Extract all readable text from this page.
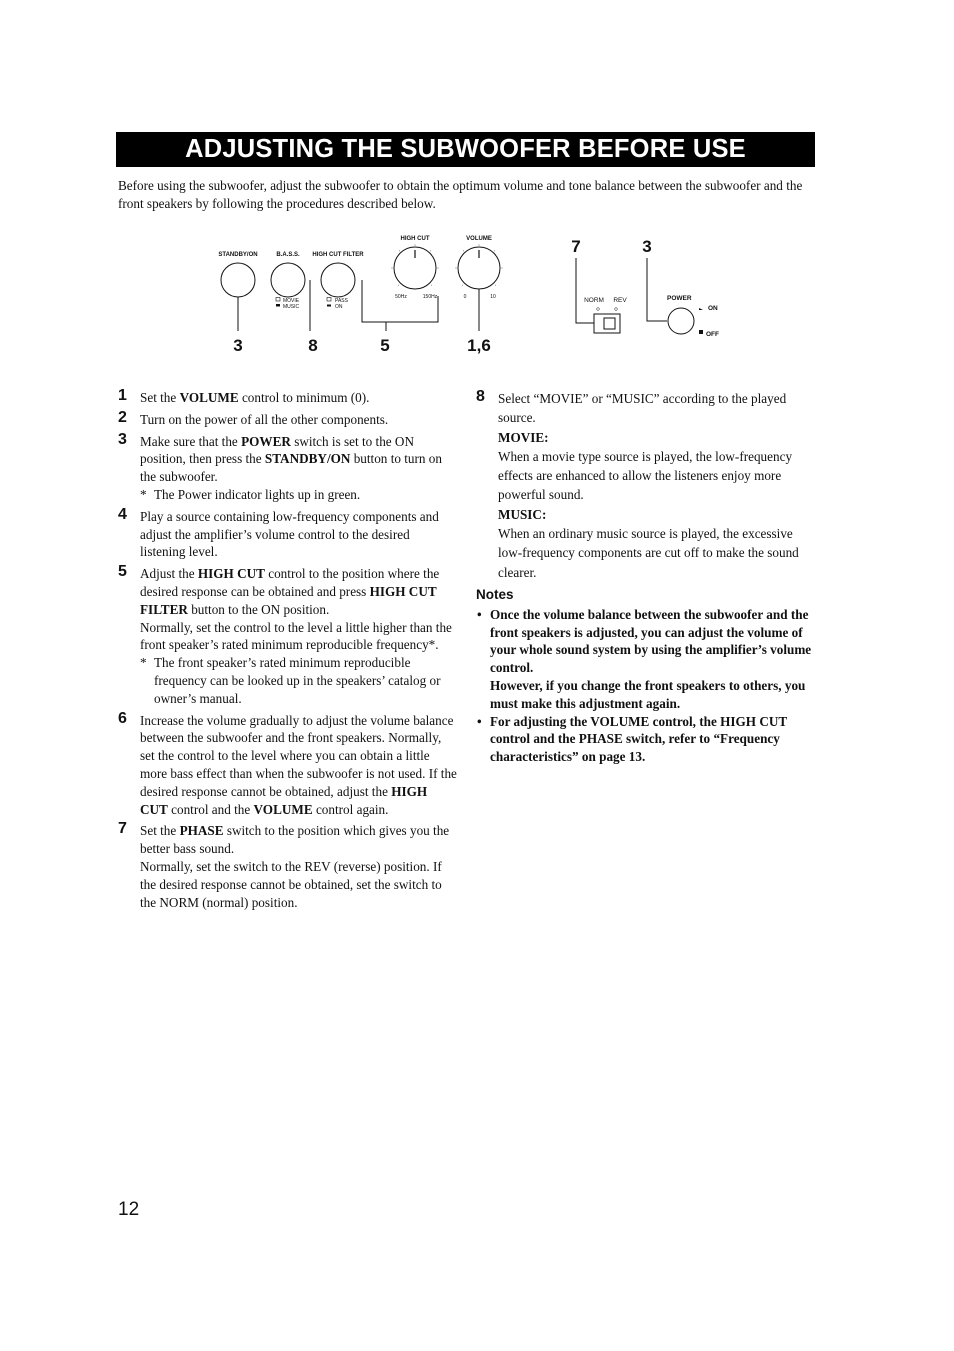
ADJUSTING THE SUBWOOFER BEFORE USE
Before using the subwoofer, adjust the subwoofer to obtain the optimum volume and tone balance between the subwoofer and the front speakers by following the procedures described below.
STANDBY/ON	B.A.S.S.
MOVIE
MUSIC
HIGH CUT FILTER
PASS
ON
HIGH CUT
50Hz	150Hz
VOLUME
0	10
3	8	5	1,6
7
NORM REV
3
POWER
ON
OFF
1 Set the VOLUME control to minimum (0).
2 Turn on the power of all the other components.
3 Make sure that the POWER switch is set to the ON position, then press the STANDBY/ON button to turn on the subwoofer.
* The Power indicator lights up in green.
4 Play a source containing low-frequency components and adjust the amplifier’s volume control to the desired listening level.
5 Adjust the HIGH CUT control to the position where the desired response can be obtained and press HIGH CUT FILTER button to the ON position.
Normally, set the control to the level a little higher than the front speaker’s rated minimum reproducible frequency*.
* The front speaker’s rated minimum reproducible frequency can be looked up in the speakers’ catalog or owner’s manual.
6 Increase the volume gradually to adjust the volume balance between the subwoofer and the front speakers. Normally, set the control to the level where you can obtain a little more bass effect than when the subwoofer is not used. If the desired response cannot be obtained, adjust the HIGH CUT control and the VOLUME control again.
7 Set the PHASE switch to the position which gives you the better bass sound.
Normally, set the switch to the REV (reverse) position. If the desired response cannot be obtained, set the switch to the NORM (normal) position.
8 Select “MOVIE” or “MUSIC” according to the played source.
MOVIE:
When a movie type source is played, the low-frequency effects are enhanced to allow the listeners enjoy more powerful sound.
MUSIC:
When an ordinary music source is played, the excessive low-frequency components are cut off to make the sound clearer.
Notes
• Once the volume balance between the subwoofer and the front speakers is adjusted, you can adjust the volume of your whole sound system by using the amplifier’s volume control.
However, if you change the front speakers to others, you must make this adjustment again.
• For adjusting the VOLUME control, the HIGH CUT control and the PHASE switch, refer to “Frequency characteristics” on page 13.
12
